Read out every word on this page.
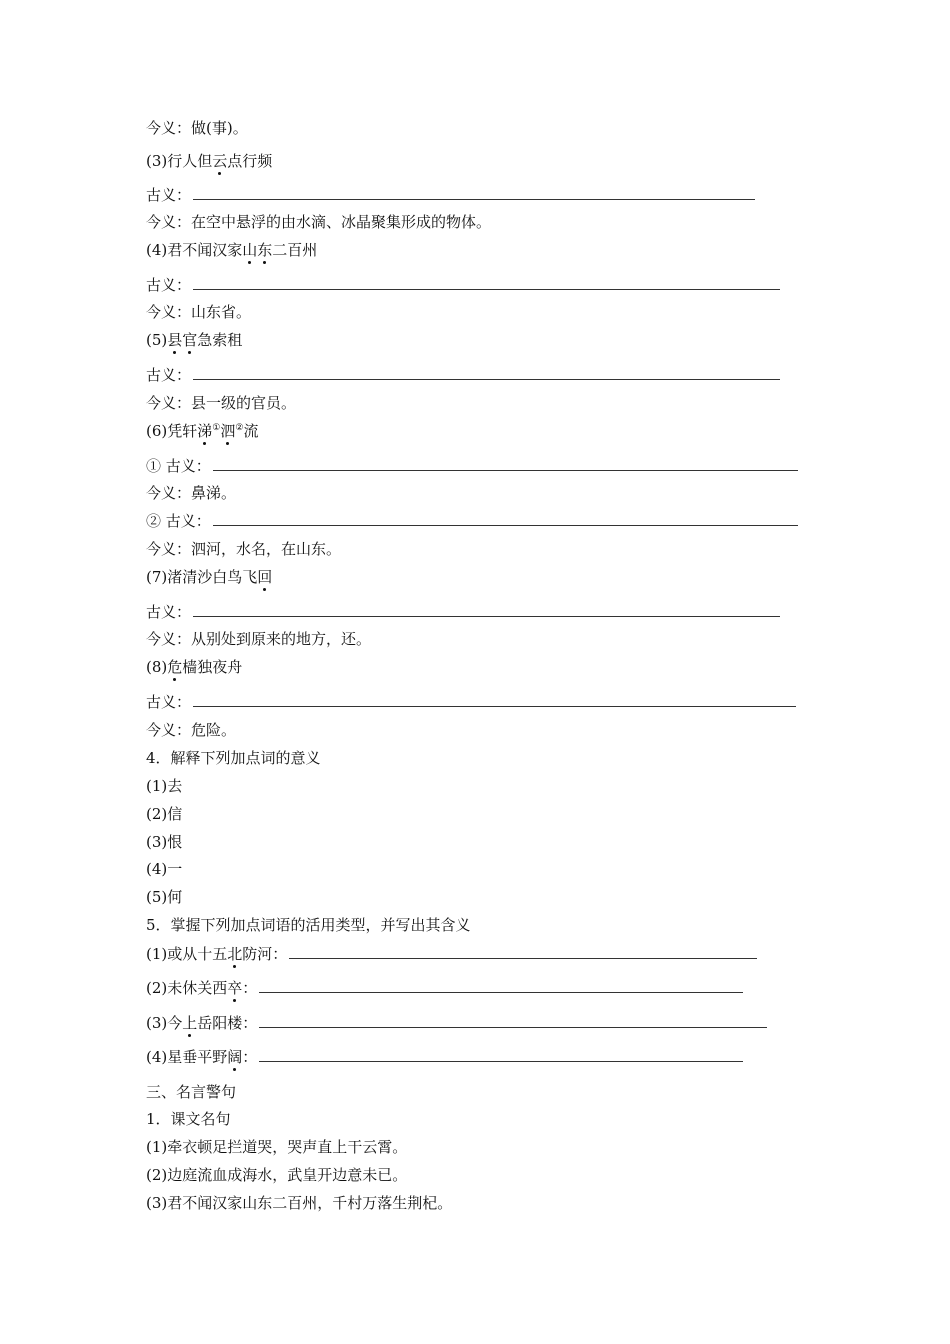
今义：做(事)。
(3)行人但云点行频
古义：
今义：在空中悬浮的由水滴、冰晶聚集形成的物体。
(4)君不闻汉家山东二百州
古义：
今义：山东省。
(5)县官急索租
古义：
今义：县一级的官员。
(6)凭轩涕①泗②流
① 古义：
今义：鼻涕。
② 古义：
今义：泗河，水名，在山东。
(7)渚清沙白鸟飞回
古义：
今义：从别处到原来的地方，还。
(8)危樯独夜舟
古义：
今义：危险。
4．解释下列加点词的意义
(1)去
(2)信
(3)恨
(4)一
(5)何
5．掌握下列加点词语的活用类型，并写出其含义
(1)或从十五北防河：
(2)未休关西卒：
(3)今上岳阳楼：
(4)星垂平野阔：
三、名言警句
1．课文名句
(1)牵衣顿足拦道哭，哭声直上干云霄。
(2)边庭流血成海水，武皇开边意未已。
(3)君不闻汉家山东二百州，千村万落生荆杞。
